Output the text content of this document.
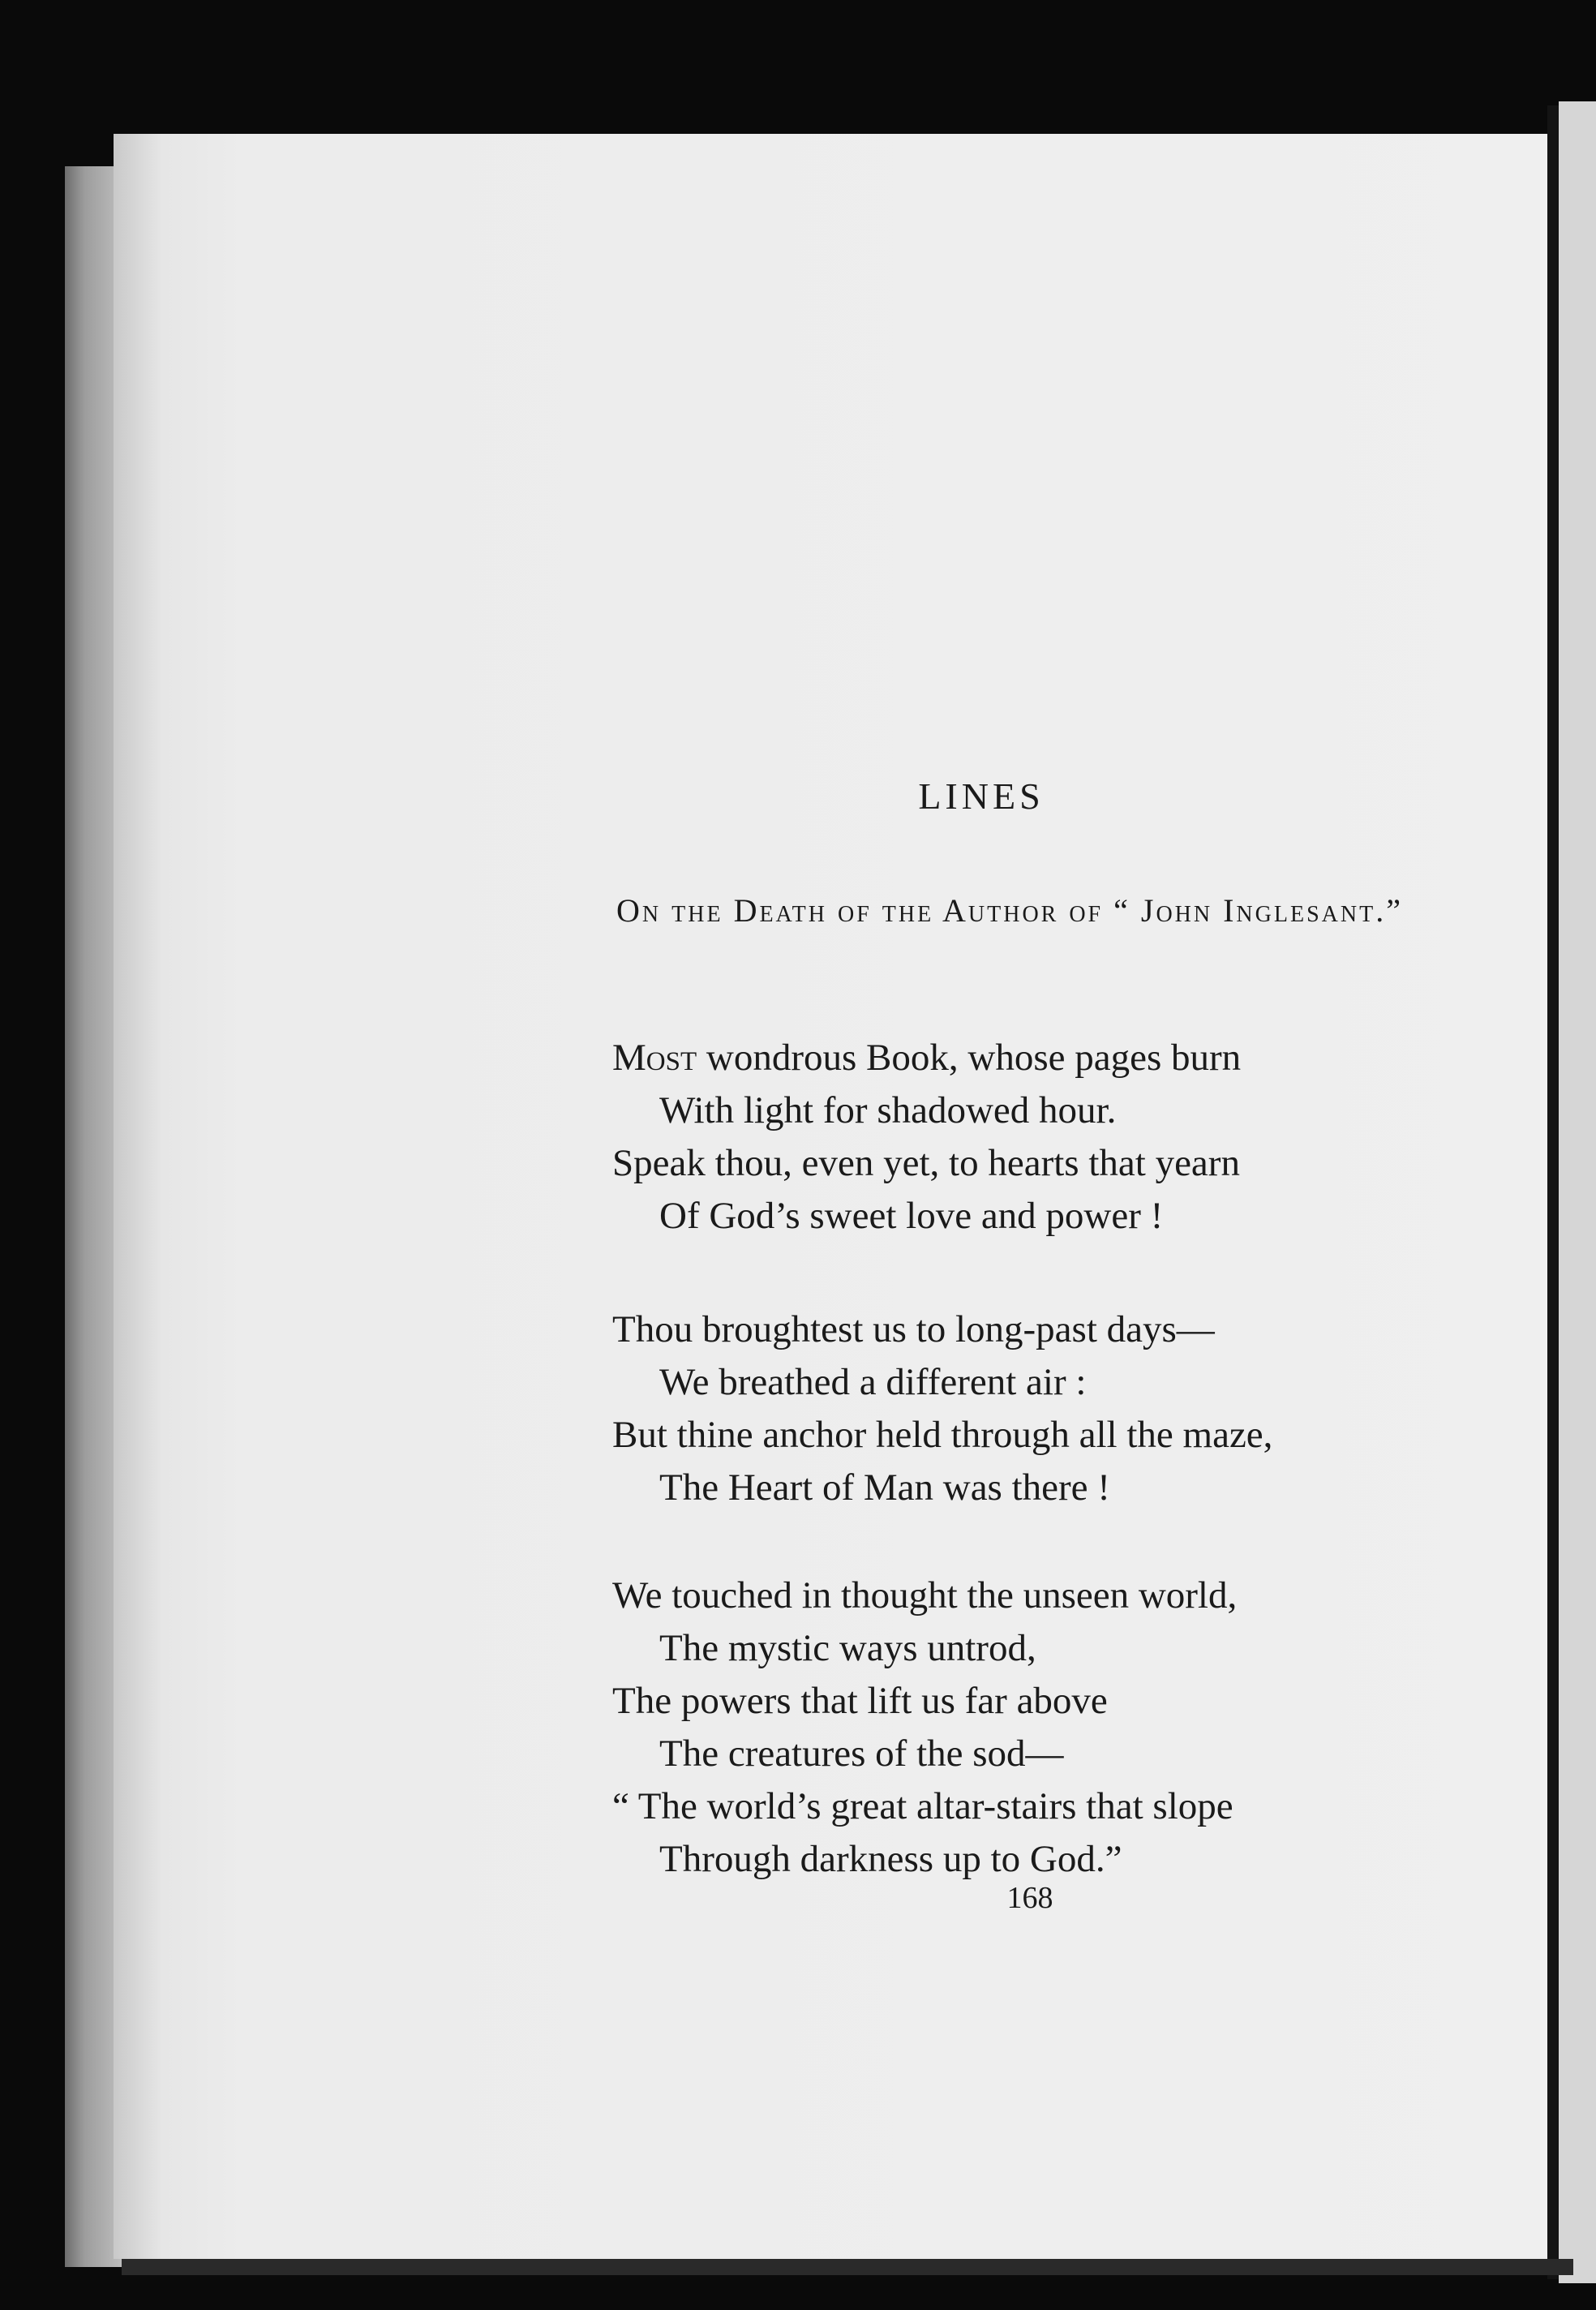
LINES
On the Death of the Author of “ John Inglesant.”
Most wondrous Book, whose pages burn
With light for shadowed hour.
Speak thou, even yet, to hearts that yearn
Of God’s sweet love and power !
Thou broughtest us to long-past days—
We breathed a different air :
But thine anchor held through all the maze,
The Heart of Man was there !
We touched in thought the unseen world,
The mystic ways untrod,
The powers that lift us far above
The creatures of the sod—
“ The world’s great altar-stairs that slope
Through darkness up to God.”
168
